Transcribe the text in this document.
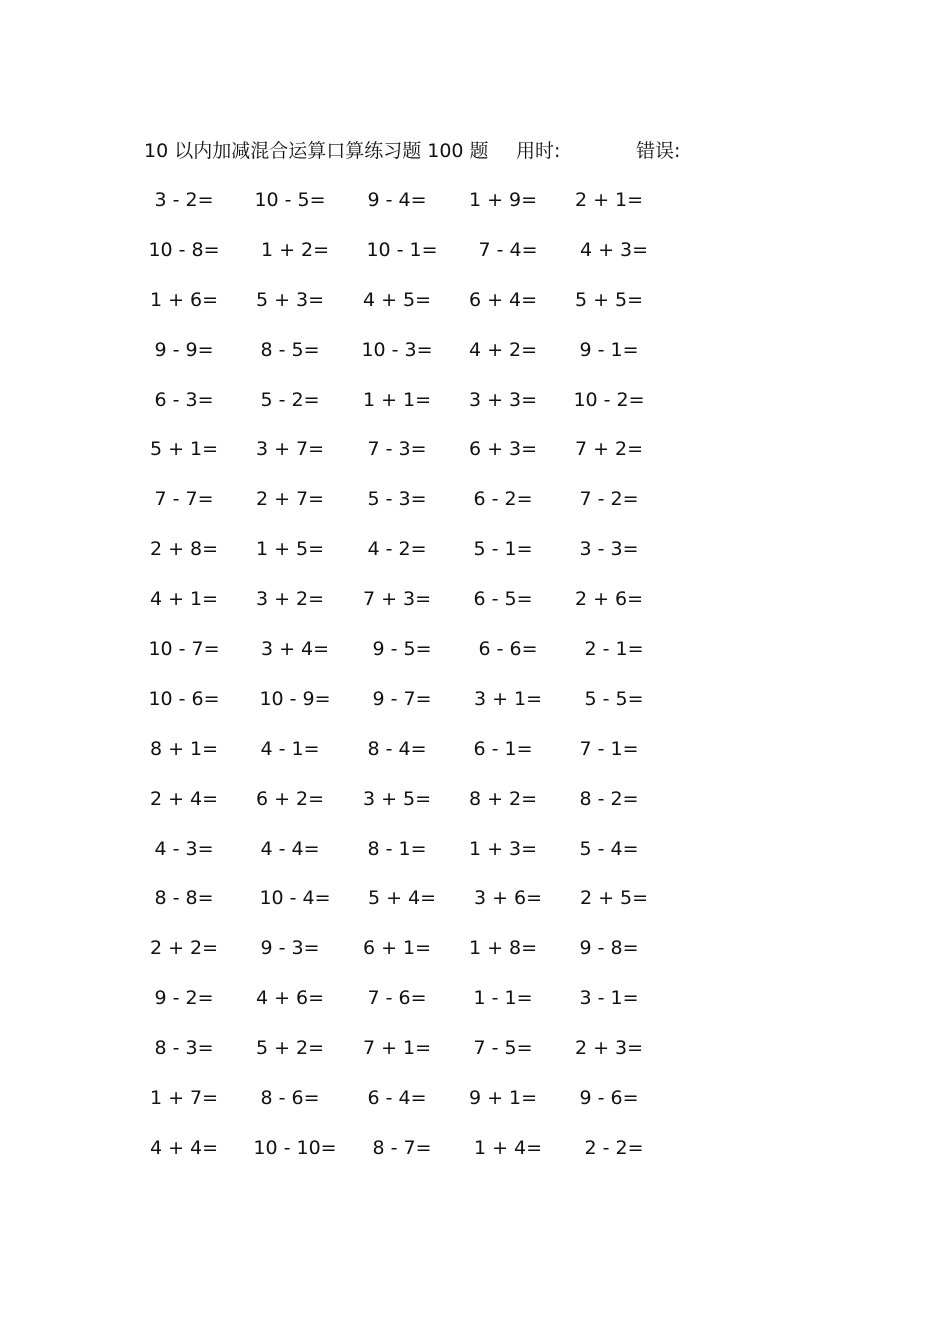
10 以内加减混合运算口算练习题 100 题 用时:	错误:
3 - 2=	10 - 5=	9 - 4=	1 + 9=	2 + 1=
10 - 8=	1 + 2=	10 - 1=	7 - 4=	4 + 3=
1 + 6=	5 + 3=	4 + 5=	6 + 4=	5 + 5=
9 - 9=	8 - 5=	10 - 3=	4 + 2=	9 - 1=
6 - 3=	5 - 2=	1 + 1=	3 + 3=	10 - 2=
5 + 1=	3 + 7=	7 - 3=	6 + 3=	7 + 2=
7 - 7=	2 + 7=	5 - 3=	6 - 2=	7 - 2=
2 + 8=	1 + 5=	4 - 2=	5 - 1=	3 - 3=
4 + 1=	3 + 2=	7 + 3=	6 - 5=	2 + 6=
10 - 7=	3 + 4=	9 - 5=	6 - 6=	2 - 1=
10 - 6=	10 - 9=	9 - 7=	3 + 1=	5 - 5=
8 + 1=	4 - 1=	8 - 4=	6 - 1=	7 - 1=
2 + 4=	6 + 2=	3 + 5=	8 + 2=	8 - 2=
4 - 3=	4 - 4=	8 - 1=	1 + 3=	5 - 4=
8 - 8=	10 - 4=	5 + 4=	3 + 6=	2 + 5=
2 + 2=	9 - 3=	6 + 1=	1 + 8=	9 - 8=
9 - 2=	4 + 6=	7 - 6=	1 - 1=	3 - 1=
8 - 3=	5 + 2=	7 + 1=	7 - 5=	2 + 3=
1 + 7=	8 - 6=	6 - 4=	9 + 1=	9 - 6=
4 + 4=	10 - 10=	8 - 7=	1 + 4=	2 - 2=
